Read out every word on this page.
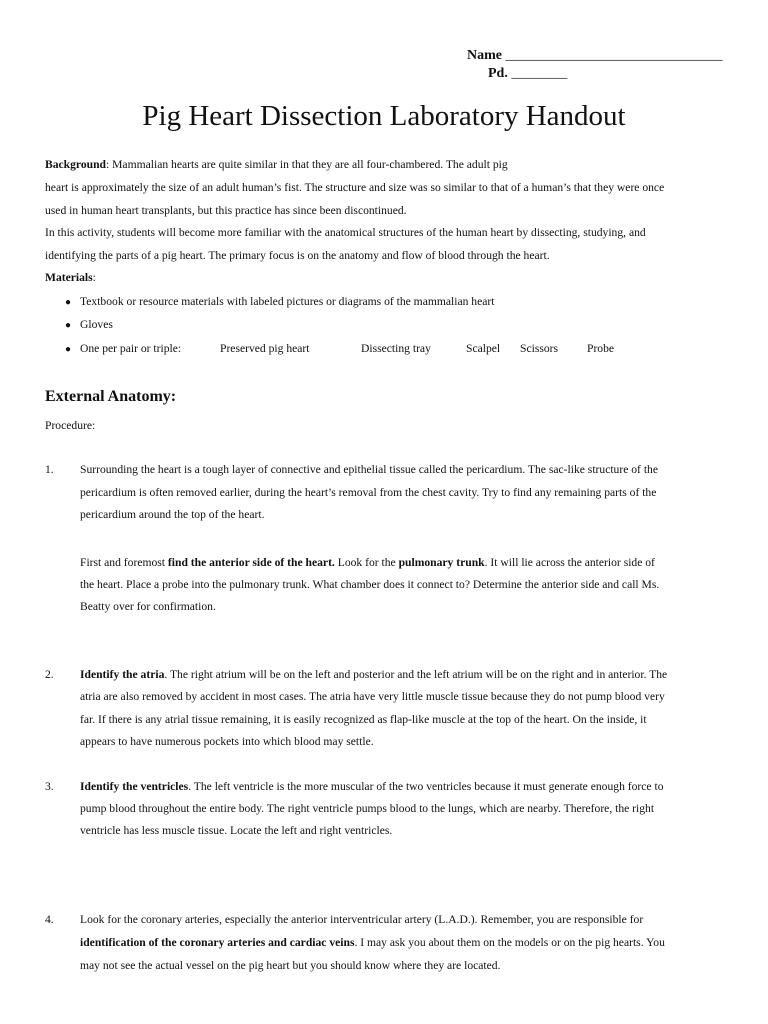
Name _______________________________
Pd. ________
Pig Heart Dissection Laboratory Handout
Background: Mammalian hearts are quite similar in that they are all four-chambered. The adult pig
heart is approximately the size of an adult human’s fist. The structure and size was so similar to that of a human’s that they were once
used in human heart transplants, but this practice has since been discontinued.
In this activity, students will become more familiar with the anatomical structures of the human heart by dissecting, studying, and
identifying the parts of a pig heart. The primary focus is on the anatomy and flow of blood through the heart.
Materials:
● Textbook or resource materials with labeled pictures or diagrams of the mammalian heart
● Gloves
● One per pair or triple:	Preserved pig heart	Dissecting tray	Scalpel Scissors Probe
External Anatomy:
Procedure:
1. Surrounding the heart is a tough layer of connective and epithelial tissue called the pericardium. The sac-like structure of the
pericardium is often removed earlier, during the heart’s removal from the chest cavity. Try to find any remaining parts of the
pericardium around the top of the heart.
First and foremost find the anterior side of the heart. Look for the pulmonary trunk. It will lie across the anterior side of
the heart. Place a probe into the pulmonary trunk. What chamber does it connect to? Determine the anterior side and call Ms.
Beatty over for confirmation.
2. Identify the atria. The right atrium will be on the left and posterior and the left atrium will be on the right and in anterior. The
atria are also removed by accident in most cases. The atria have very little muscle tissue because they do not pump blood very
far. If there is any atrial tissue remaining, it is easily recognized as flap-like muscle at the top of the heart. On the inside, it
appears to have numerous pockets into which blood may settle.
3. Identify the ventricles. The left ventricle is the more muscular of the two ventricles because it must generate enough force to
pump blood throughout the entire body. The right ventricle pumps blood to the lungs, which are nearby. Therefore, the right
ventricle has less muscle tissue. Locate the left and right ventricles.
4. Look for the coronary arteries, especially the anterior interventricular artery (L.A.D.). Remember, you are responsible for
identification of the coronary arteries and cardiac veins. I may ask you about them on the models or on the pig hearts. You
may not see the actual vessel on the pig heart but you should know where they are located.
